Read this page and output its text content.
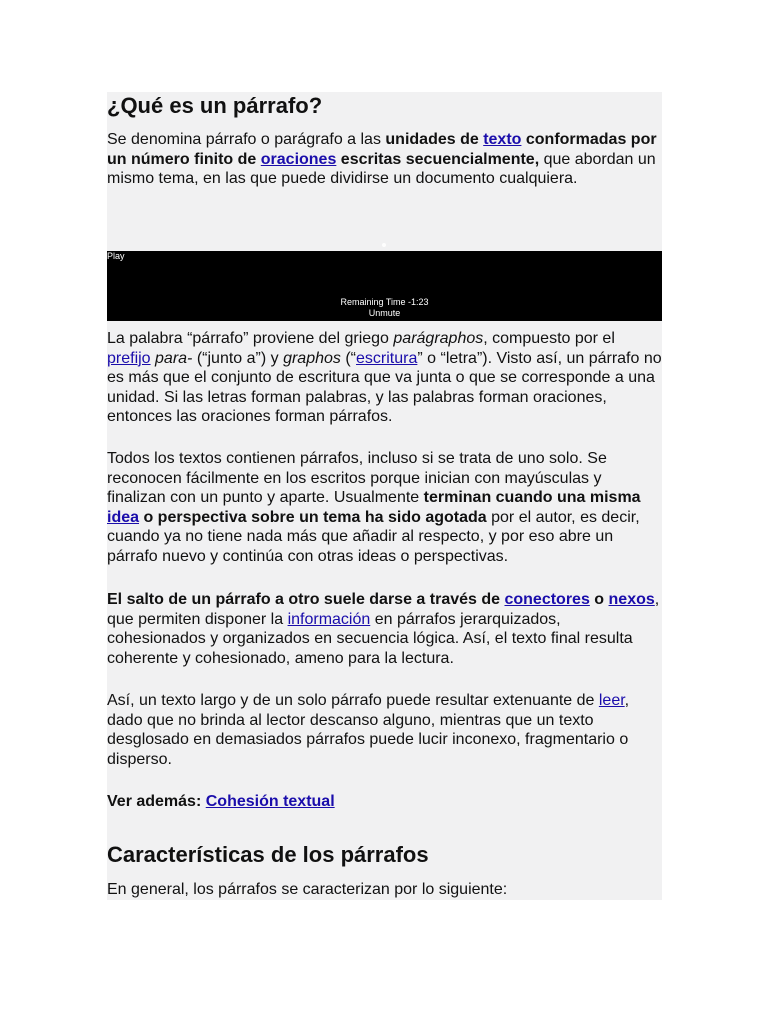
¿Qué es un párrafo?

Se denomina párrafo o parágrafo a las unidades de texto conformadas por un número finito de oraciones escritas secuencialmente, que abordan un mismo tema, en las que puede dividirse un documento cualquiera.

Play
Remaining Time -1:23
Unmute

La palabra “párrafo” proviene del griego parágraphos, compuesto por el prefijo para- (“junto a”) y graphos (“escritura” o “letra”). Visto así, un párrafo no es más que el conjunto de escritura que va junta o que se corresponde a una unidad. Si las letras forman palabras, y las palabras forman oraciones, entonces las oraciones forman párrafos.

Todos los textos contienen párrafos, incluso si se trata de uno solo. Se reconocen fácilmente en los escritos porque inician con mayúsculas y finalizan con un punto y aparte. Usualmente terminan cuando una misma idea o perspectiva sobre un tema ha sido agotada por el autor, es decir, cuando ya no tiene nada más que añadir al respecto, y por eso abre un párrafo nuevo y continúa con otras ideas o perspectivas.

El salto de un párrafo a otro suele darse a través de conectores o nexos, que permiten disponer la información en párrafos jerarquizados, cohesionados y organizados en secuencia lógica. Así, el texto final resulta coherente y cohesionado, ameno para la lectura.

Así, un texto largo y de un solo párrafo puede resultar extenuante de leer, dado que no brinda al lector descanso alguno, mientras que un texto desglosado en demasiados párrafos puede lucir inconexo, fragmentario o disperso.

Ver además: Cohesión textual

Características de los párrafos

En general, los párrafos se caracterizan por lo siguiente:
